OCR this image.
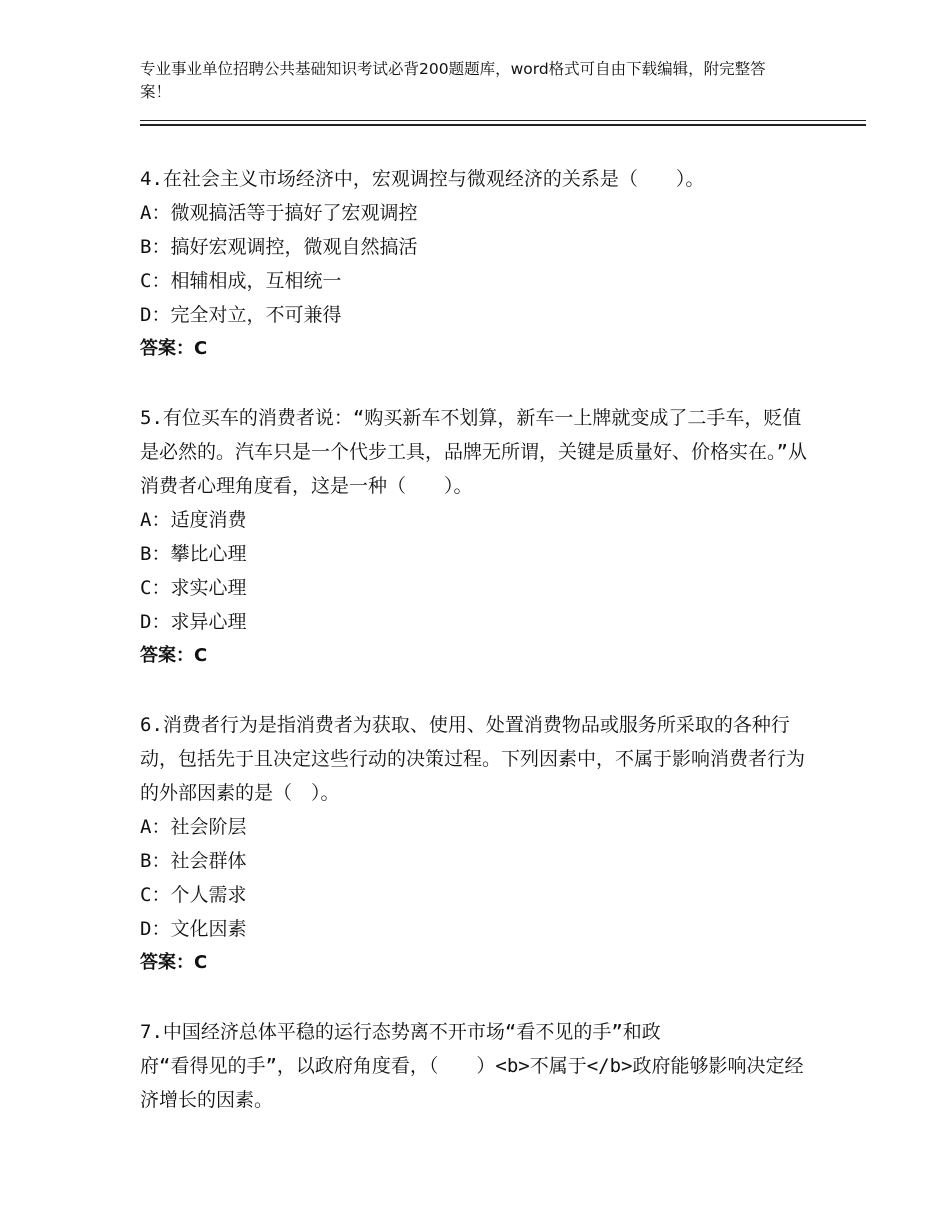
专业事业单位招聘公共基础知识考试必背200题题库，word格式可自由下载编辑，附完整答案！

4.在社会主义市场经济中，宏观调控与微观经济的关系是（　　）。

A：微观搞活等于搞好了宏观调控

B：搞好宏观调控，微观自然搞活

C：相辅相成，互相统一

D：完全对立，不可兼得

答案：C

5.有位买车的消费者说：“购买新车不划算，新车一上牌就变成了二手车，贬值是必然的。汽车只是一个代步工具，品牌无所谓，关键是质量好、价格实在。”从消费者心理角度看，这是一种（　　）。

A：适度消费

B：攀比心理

C：求实心理

D：求异心理

答案：C

6.消费者行为是指消费者为获取、使用、处置消费物品或服务所采取的各种行动，包括先于且决定这些行动的决策过程。下列因素中，不属于影响消费者行为的外部因素的是（　）。

A：社会阶层

B：社会群体

C：个人需求

D：文化因素

答案：C

7.中国经济总体平稳的运行态势离不开市场“看不见的手”和政
府“看得见的手”，以政府角度看，（　　）<b>不属于</b>政府能够影响决定经济增长的因素。
